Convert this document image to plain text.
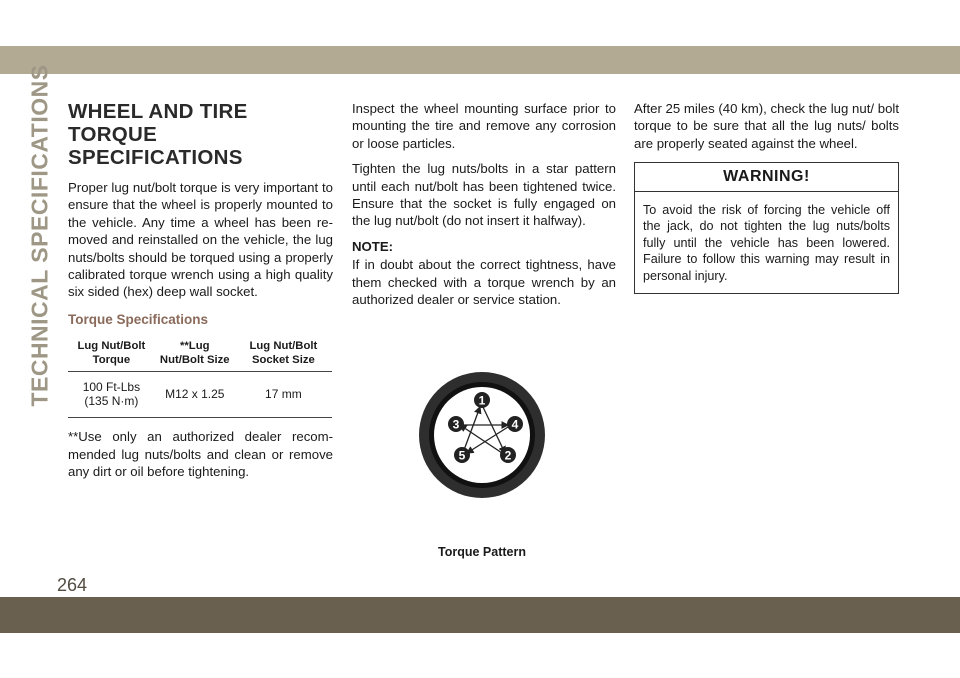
TECHNICAL SPECIFICATIONS WHEEL AND TIRE TORQUE
SPECIFICATIONS

Proper lug nut/bolt torque is very important to ensure that the wheel is properly mounted to the vehicle. Any time a wheel has been re-moved and reinstalled on the vehicle, the lug nuts/bolts should be torqued using a properly calibrated torque wrench using a high quality six sided (hex) deep wall socket.

Torque Specifications
Lug Nut/Bolt Torque	**Lug Nut/Bolt Size	Lug Nut/Bolt Socket Size
100 Ft-Lbs (135 N·m)	M12 x 1.25	17 mm

**Use only an authorized dealer recom-mended lug nuts/bolts and clean or remove any dirt or oil before tightening.

Inspect the wheel mounting surface prior to mounting the tire and remove any corrosion or loose particles.

Tighten the lug nuts/bolts in a star pattern until each nut/bolt has been tightened twice. Ensure that the socket is fully engaged on the lug nut/bolt (do not insert it halfway).

NOTE:

If in doubt about the correct tightness, have them checked with a torque wrench by an authorized dealer or service station.

After 25 miles (40 km), check the lug nut/ bolt torque to be sure that all the lug nuts/ bolts are properly seated against the wheel.

WARNING!

To avoid the risk of forcing the vehicle off the jack, do not tighten the lug nuts/bolts fully until the vehicle has been lowered. Failure to follow this warning may result in personal injury.

1
2
3	4
5
Torque Pattern
264
carmanualsonline.info
